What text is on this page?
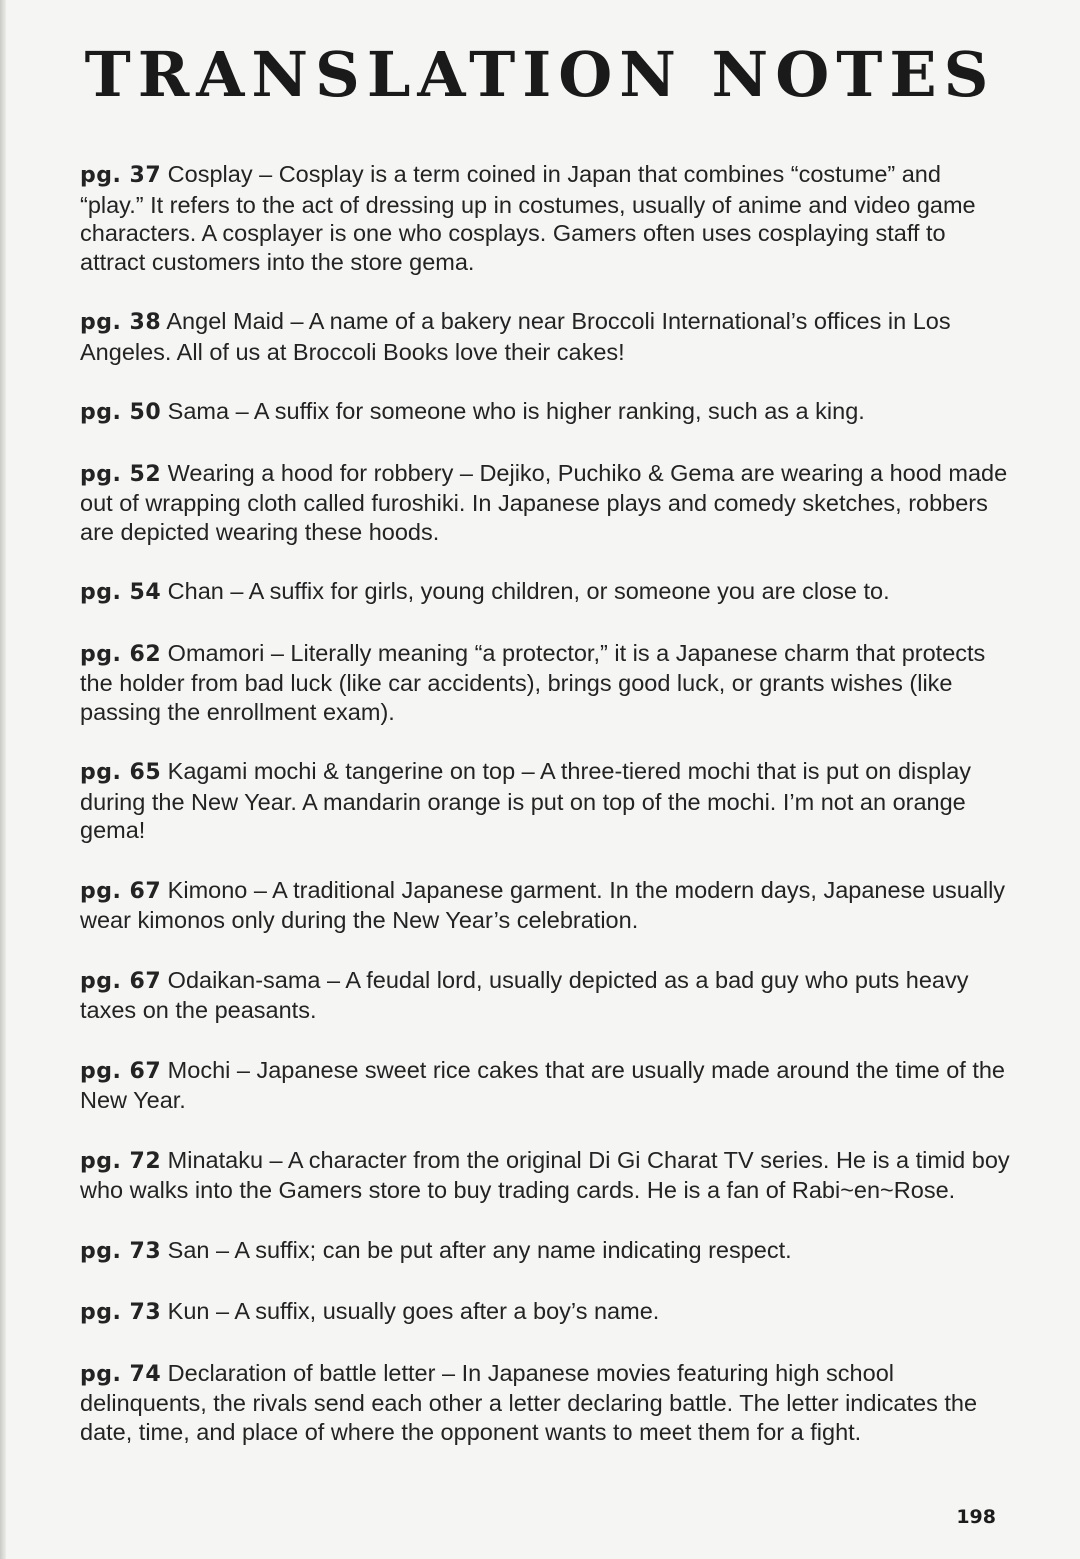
TRANSLATION NOTES
pg. 37 Cosplay – Cosplay is a term coined in Japan that combines “costume” and “play.” It refers to the act of dressing up in costumes, usually of anime and video game characters. A cosplayer is one who cosplays. Gamers often uses cosplaying staff to attract customers into the store gema.
pg. 38 Angel Maid – A name of a bakery near Broccoli International’s offices in Los Angeles. All of us at Broccoli Books love their cakes!
pg. 50 Sama – A suffix for someone who is higher ranking, such as a king.
pg. 52 Wearing a hood for robbery – Dejiko, Puchiko & Gema are wearing a hood made out of wrapping cloth called furoshiki. In Japanese plays and comedy sketches, robbers are depicted wearing these hoods.
pg. 54 Chan – A suffix for girls, young children, or someone you are close to.
pg. 62 Omamori – Literally meaning “a protector,” it is a Japanese charm that protects the holder from bad luck (like car accidents), brings good luck, or grants wishes (like passing the enrollment exam).
pg. 65 Kagami mochi & tangerine on top – A three-tiered mochi that is put on display during the New Year. A mandarin orange is put on top of the mochi. I’m not an orange gema!
pg. 67 Kimono – A traditional Japanese garment. In the modern days, Japanese usually wear kimonos only during the New Year’s celebration.
pg. 67 Odaikan-sama – A feudal lord, usually depicted as a bad guy who puts heavy taxes on the peasants.
pg. 67 Mochi – Japanese sweet rice cakes that are usually made around the time of the New Year.
pg. 72 Minataku – A character from the original Di Gi Charat TV series. He is a timid boy who walks into the Gamers store to buy trading cards. He is a fan of Rabi~en~Rose.
pg. 73 San – A suffix; can be put after any name indicating respect.
pg. 73 Kun – A suffix, usually goes after a boy’s name.
pg. 74 Declaration of battle letter – In Japanese movies featuring high school delinquents, the rivals send each other a letter declaring battle. The letter indicates the date, time, and place of where the opponent wants to meet them for a fight.
198
